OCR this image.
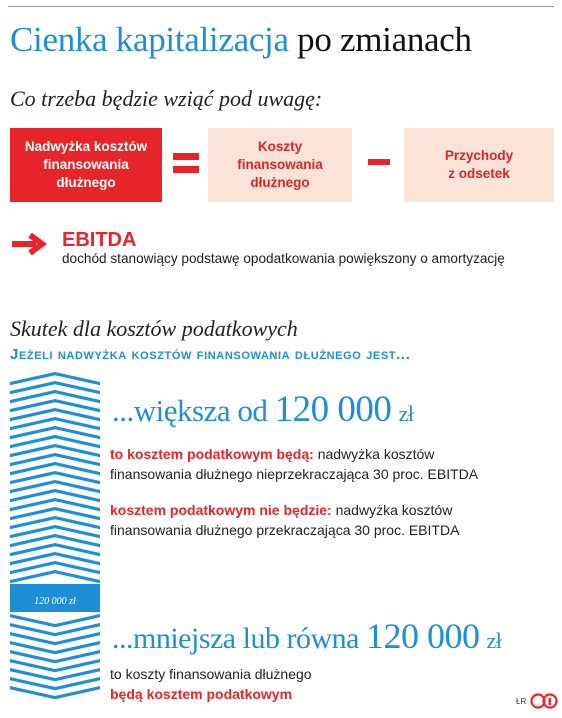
Cienka kapitalizacja po zmianach
Co trzeba będzie wziąć pod uwagę:
Nadwyżka kosztów
finansowania
dłużnego
Koszty
finansowania
dłużnego
Przychody
z odsetek
EBITDA
dochód stanowiący podstawę opodatkowania powiększony o amortyzację
Skutek dla kosztów podatkowych
Jeżeli nadwyżka kosztów finansowania dłużnego jest...
120 000 zł
...większa od 120 000 zł
to kosztem podatkowym będą: nadwyżka kosztów
finansowania dłużnego nieprzekraczająca 30 proc. EBITDA
kosztem podatkowym nie będzie: nadwyżka kosztów
finansowania dłużnego przekraczająca 30 proc. EBITDA
...mniejsza lub równa 120 000 zł
to koszty finansowania dłużnego
będą kosztem podatkowym	ŁR
